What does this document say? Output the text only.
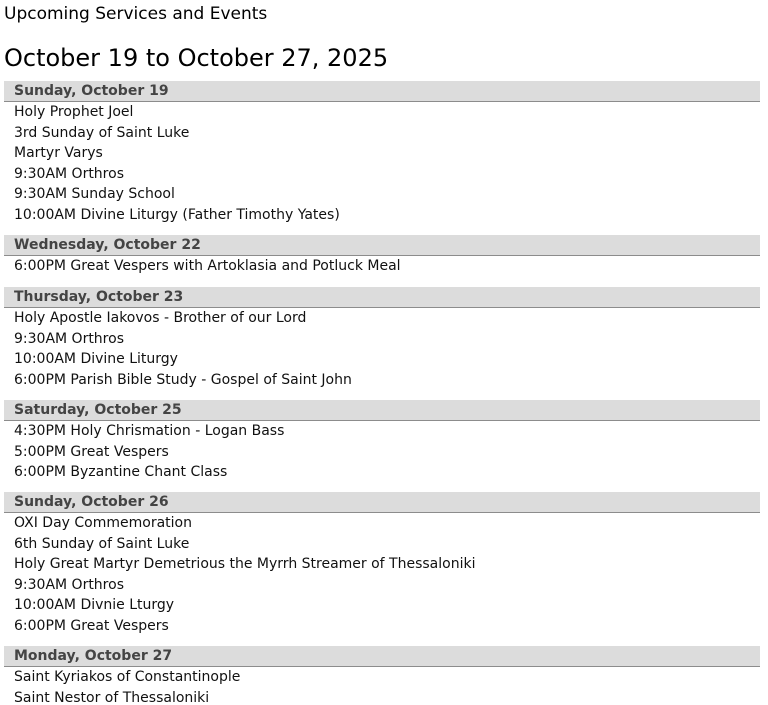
Upcoming Services and Events
October 19 to October 27, 2025
Sunday, October 19
Holy Prophet Joel
3rd Sunday of Saint Luke
Martyr Varys
9:30AM Orthros
9:30AM Sunday School
10:00AM Divine Liturgy (Father Timothy Yates)
Wednesday, October 22
6:00PM Great Vespers with Artoklasia and Potluck Meal
Thursday, October 23
Holy Apostle Iakovos - Brother of our Lord
9:30AM Orthros
10:00AM Divine Liturgy
6:00PM Parish Bible Study - Gospel of Saint John
Saturday, October 25
4:30PM Holy Chrismation - Logan Bass
5:00PM Great Vespers
6:00PM Byzantine Chant Class
Sunday, October 26
OXI Day Commemoration
6th Sunday of Saint Luke
Holy Great Martyr Demetrious the Myrrh Streamer of Thessaloniki
9:30AM Orthros
10:00AM Divnie Lturgy
6:00PM Great Vespers
Monday, October 27
Saint Kyriakos of Constantinople
Saint Nestor of Thessaloniki
